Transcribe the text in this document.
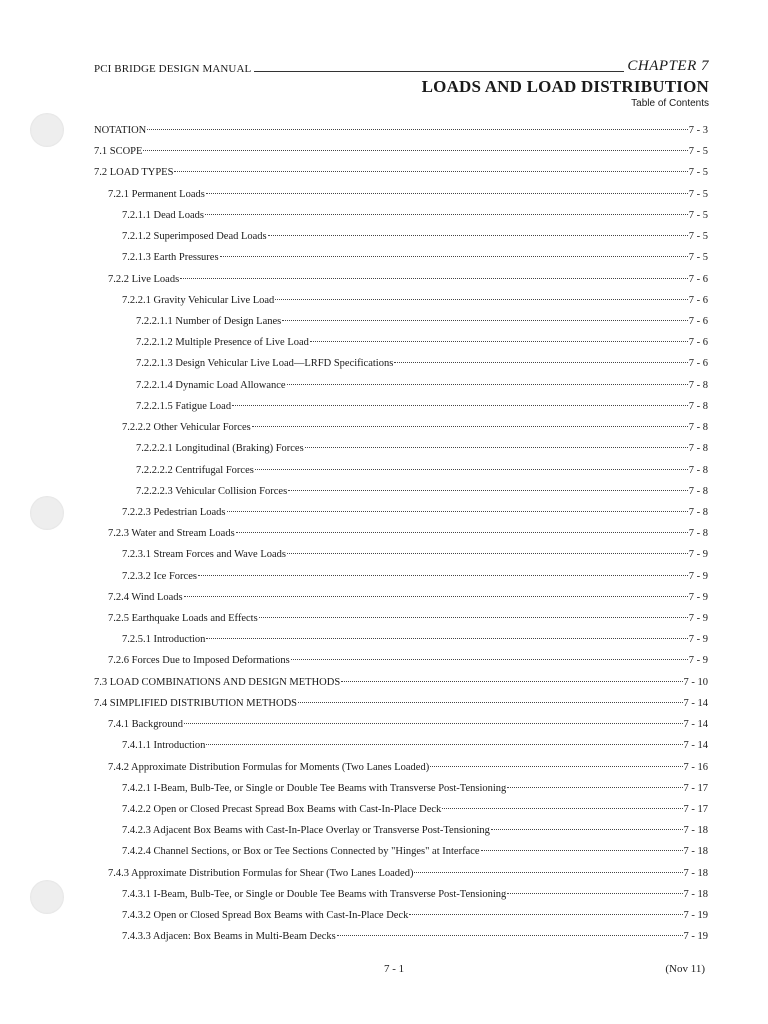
PCI BRIDGE DESIGN MANUAL	CHAPTER 7
LOADS AND LOAD DISTRIBUTION
Table of Contents
NOTATION	7 - 3
7.1 SCOPE	7 - 5
7.2 LOAD TYPES	7 - 5
7.2.1 Permanent Loads	7 - 5
7.2.1.1 Dead Loads	7 - 5
7.2.1.2 Superimposed Dead Loads	7 - 5
7.2.1.3 Earth Pressures	7 - 5
7.2.2 Live Loads	7 - 6
7.2.2.1 Gravity Vehicular Live Load	7 - 6
7.2.2.1.1 Number of Design Lanes	7 - 6
7.2.2.1.2 Multiple Presence of Live Load	7 - 6
7.2.2.1.3 Design Vehicular Live Load—LRFD Specifications	7 - 6
7.2.2.1.4 Dynamic Load Allowance	7 - 8
7.2.2.1.5 Fatigue Load	7 - 8
7.2.2.2 Other Vehicular Forces	7 - 8
7.2.2.2.1 Longitudinal (Braking) Forces	7 - 8
7.2.2.2.2 Centrifugal Forces	7 - 8
7.2.2.2.3 Vehicular Collision Forces	7 - 8
7.2.2.3 Pedestrian Loads	7 - 8
7.2.3 Water and Stream Loads	7 - 8
7.2.3.1 Stream Forces and Wave Loads	7 - 9
7.2.3.2 Ice Forces	7 - 9
7.2.4 Wind Loads	7 - 9
7.2.5 Earthquake Loads and Effects	7 - 9
7.2.5.1 Introduction	7 - 9
7.2.6 Forces Due to Imposed Deformations	7 - 9
7.3 LOAD COMBINATIONS AND DESIGN METHODS	7 - 10
7.4 SIMPLIFIED DISTRIBUTION METHODS	7 - 14
7.4.1 Background	7 - 14
7.4.1.1 Introduction	7 - 14
7.4.2 Approximate Distribution Formulas for Moments (Two Lanes Loaded)	7 - 16
7.4.2.1 I-Beam, Bulb-Tee, or Single or Double Tee Beams with Transverse Post-Tensioning	7 - 17
7.4.2.2 Open or Closed Precast Spread Box Beams with Cast-In-Place Deck	7 - 17
7.4.2.3 Adjacent Box Beams with Cast-In-Place Overlay or Transverse Post-Tensioning	7 - 18
7.4.2.4 Channel Sections, or Box or Tee Sections Connected by "Hinges" at Interface	7 - 18
7.4.3 Approximate Distribution Formulas for Shear (Two Lanes Loaded)	7 - 18
7.4.3.1 I-Beam, Bulb-Tee, or Single or Double Tee Beams with Transverse Post-Tensioning	7 - 18
7.4.3.2 Open or Closed Spread Box Beams with Cast-In-Place Deck	7 - 19
7.4.3.3 Adjacen: Box Beams in Multi-Beam Decks	7 - 19
7 - 1	(Nov 11)
